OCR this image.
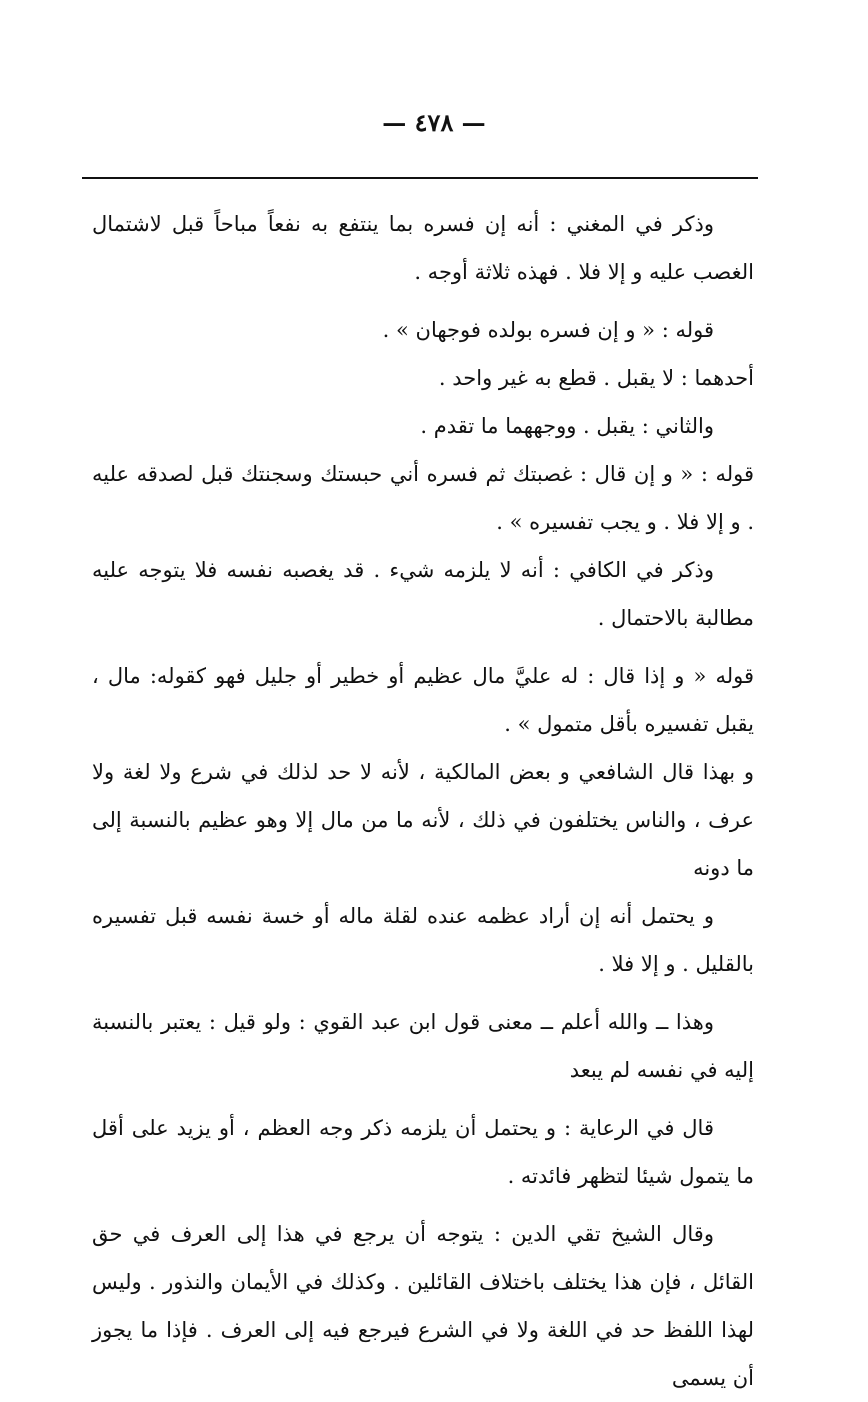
— ٤٧٨ —

وذكر في المغني : أنه إن فسره بما ينتفع به نفعاً مباحاً قبل لاشتمال الغصب عليه و إلا فلا . فهذه ثلاثة أوجه .

قوله : « و إن فسره بولده فوجهان » .

أحدهما : لا يقبل . قطع به غير واحد .

والثاني : يقبل . ووجههما ما تقدم .

قوله : « و إن قال : غصبتك ثم فسره أني حبستك وسجنتك قبل لصدقه عليه . و إلا فلا . و يجب تفسيره » .

وذكر في الكافي : أنه لا يلزمه شيء . قد يغصبه نفسه فلا يتوجه عليه مطالبة بالاحتمال .

قوله « و إذا قال : له عليَّ مال عظيم أو خطير أو جليل فهو كقوله: مال ، يقبل تفسيره بأقل متمول » .

و بهذا قال الشافعي و بعض المالكية ، لأنه لا حد لذلك في شرع ولا لغة ولا عرف ، والناس يختلفون في ذلك ، لأنه ما من مال إلا وهو عظيم بالنسبة إلى ما دونه

و يحتمل أنه إن أراد عظمه عنده لقلة ماله أو خسة نفسه قبل تفسيره بالقليل . و إلا فلا .

وهذا ــ والله أعلم ــ معنى قول ابن عبد القوي : ولو قيل : يعتبر بالنسبة إليه في نفسه لم يبعد

قال في الرعاية : و يحتمل أن يلزمه ذكر وجه العظم ، أو يزيد على أقل ما يتمول شيئا لتظهر فائدته .

وقال الشيخ تقي الدين : يتوجه أن يرجع في هذا إلى العرف في حق القائل ، فإن هذا يختلف باختلاف القائلين . وكذلك في الأيمان والنذور . وليس لهذا اللفظ حد في اللغة ولا في الشرع فيرجع فيه إلى العرف . فإذا ما يجوز أن يسمى
